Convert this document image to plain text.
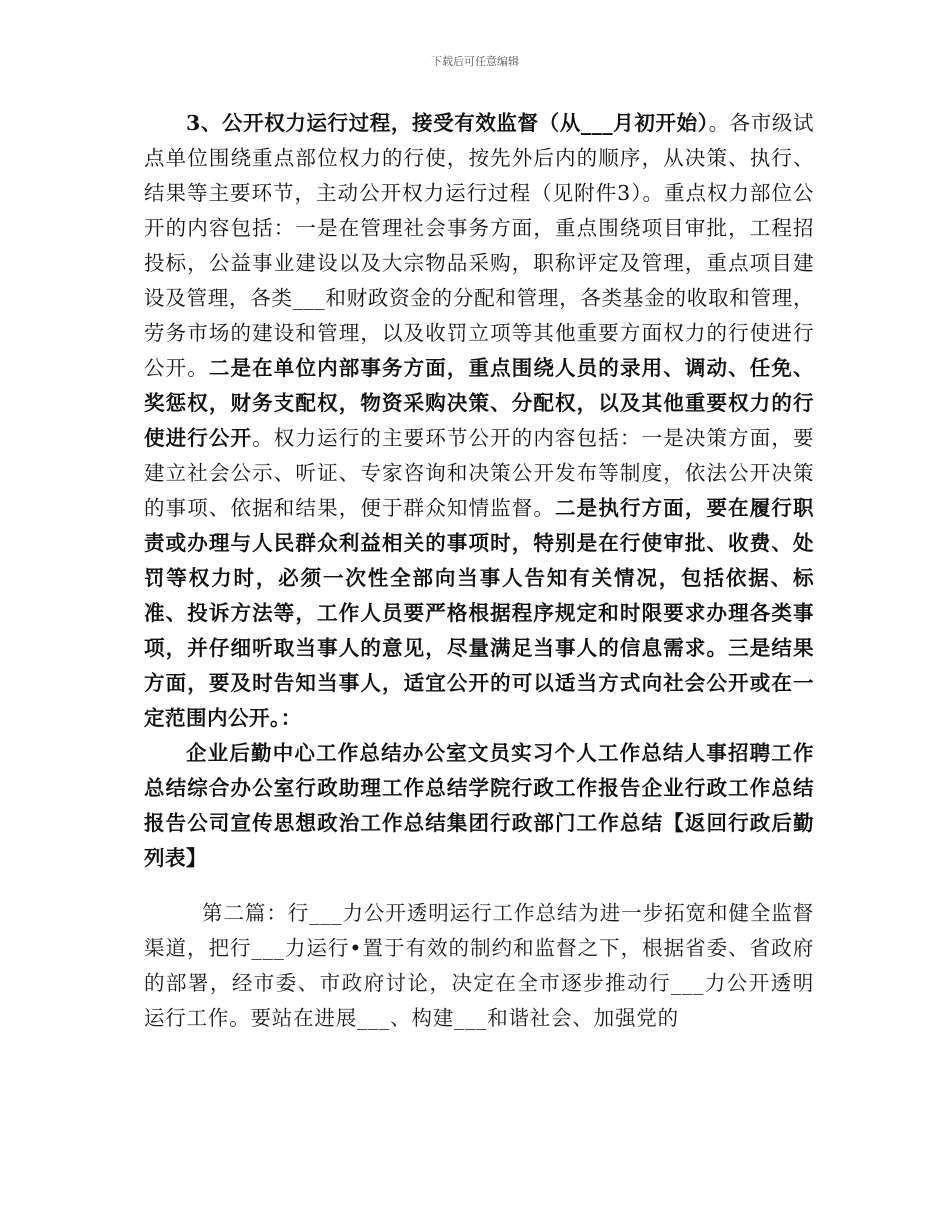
下载后可任意编辑

3、公开权力运行过程，接受有效监督（从___月初开始）。各市级试点单位围绕重点部位权力的行使，按先外后内的顺序，从决策、执行、结果等主要环节，主动公开权力运行过程（见附件3）。重点权力部位公开的内容包括：一是在管理社会事务方面，重点围绕项目审批，工程招投标，公益事业建设以及大宗物品采购，职称评定及管理，重点项目建设及管理，各类___和财政资金的分配和管理，各类基金的收取和管理，劳务市场的建设和管理，以及收罚立项等其他重要方面权力的行使进行公开。二是在单位内部事务方面，重点围绕人员的录用、调动、任免、奖惩权，财务支配权，物资采购决策、分配权，以及其他重要权力的行使进行公开。权力运行的主要环节公开的内容包括：一是决策方面，要建立社会公示、听证、专家咨询和决策公开发布等制度，依法公开决策的事项、依据和结果，便于群众知情监督。二是执行方面，要在履行职责或办理与人民群众利益相关的事项时，特别是在行使审批、收费、处罚等权力时，必须一次性全部向当事人告知有关情况，包括依据、标准、投诉方法等，工作人员要严格根据程序规定和时限要求办理各类事项，并仔细听取当事人的意见，尽量满足当事人的信息需求。三是结果方面，要及时告知当事人，适宜公开的可以适当方式向社会公开或在一定范围内公开。：

企业后勤中心工作总结办公室文员实习个人工作总结人事招聘工作总结综合办公室行政助理工作总结学院行政工作报告企业行政工作总结报告公司宣传思想政治工作总结集团行政部门工作总结【返回行政后勤列表】

第二篇：行___力公开透明运行工作总结为进一步拓宽和健全监督渠道，把行___力运行•置于有效的制约和监督之下，根据省委、省政府的部署，经市委、市政府讨论，决定在全市逐步推动行___力公开透明运行工作。要站在进展___、构建___和谐社会、加强党的
